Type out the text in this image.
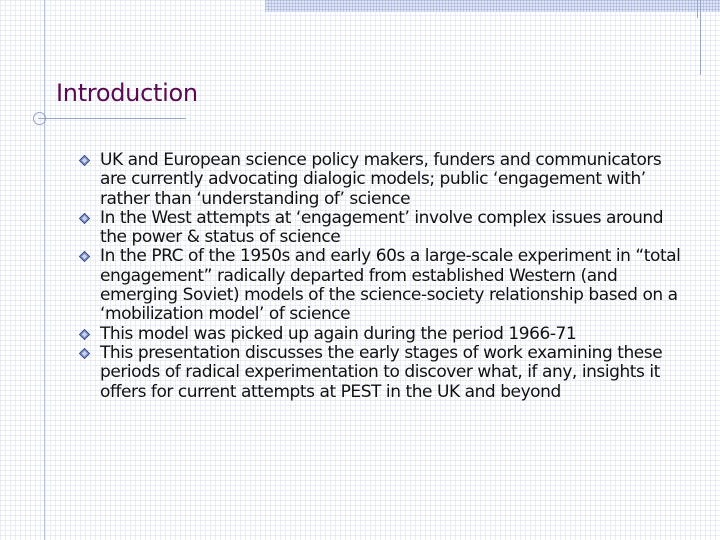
Introduction
UK and European science policy makers, funders and communicators are currently advocating dialogic models; public ‘engagement with’ rather than ‘understanding of’ science
In the West attempts at ‘engagement’ involve complex issues around the power & status of science
In the PRC of the 1950s and early 60s a large-scale experiment in “total engagement” radically departed from established Western (and emerging Soviet) models of the science-society relationship based on a ‘mobilization model’ of science
This model was picked up again during the period 1966-71
This presentation discusses the early stages of work examining these periods of radical experimentation to discover what, if any, insights it offers for current attempts at PEST in the UK and beyond
